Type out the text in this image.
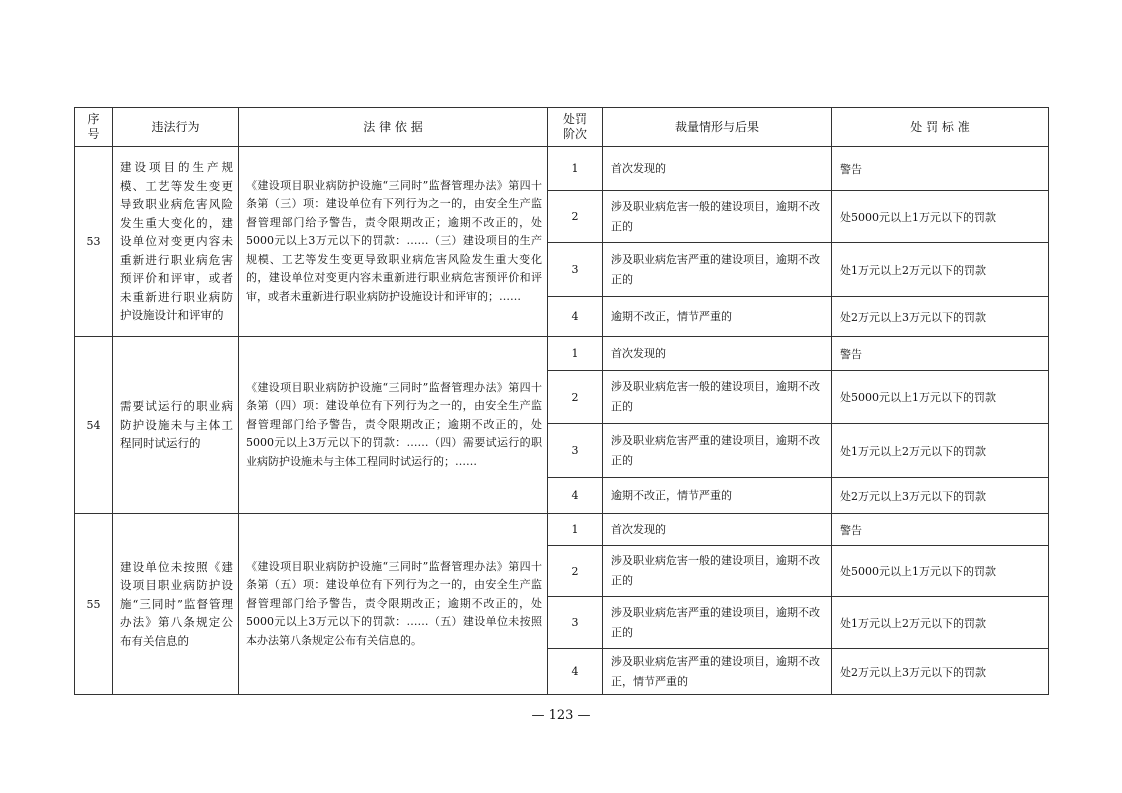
序号	违法行为	法 律 依 据	处罚阶次	裁量情形与后果	处 罚 标 准
53	建设项目的生产规模、工艺等发生变更导致职业病危害风险发生重大变化的，建设单位对变更内容未重新进行职业病危害预评价和评审，或者未重新进行职业病防护设施设计和评审的	《建设项目职业病防护设施“三同时”监督管理办法》第四十条第（三）项：建设单位有下列行为之一的，由安全生产监督管理部门给予警告，责令限期改正；逾期不改正的，处5000元以上3万元以下的罚款：……（三）建设项目的生产规模、工艺等发生变更导致职业病危害风险发生重大变化的，建设单位对变更内容未重新进行职业病危害预评价和评审，或者未重新进行职业病防护设施设计和评审的；……	1	首次发现的	警告
			2	涉及职业病危害一般的建设项目，逾期不改正的	处5000元以上1万元以下的罚款
			3	涉及职业病危害严重的建设项目，逾期不改正的	处1万元以上2万元以下的罚款
			4	逾期不改正，情节严重的	处2万元以上3万元以下的罚款
54	需要试运行的职业病防护设施未与主体工程同时试运行的	《建设项目职业病防护设施“三同时”监督管理办法》第四十条第（四）项：建设单位有下列行为之一的，由安全生产监督管理部门给予警告，责令限期改正；逾期不改正的，处5000元以上3万元以下的罚款：……（四）需要试运行的职业病防护设施未与主体工程同时试运行的；……	1	首次发现的	警告
			2	涉及职业病危害一般的建设项目，逾期不改正的	处5000元以上1万元以下的罚款
			3	涉及职业病危害严重的建设项目，逾期不改正的	处1万元以上2万元以下的罚款
			4	逾期不改正，情节严重的	处2万元以上3万元以下的罚款
55	建设单位未按照《建设项目职业病防护设施“三同时”监督管理办法》第八条规定公布有关信息的	《建设项目职业病防护设施“三同时”监督管理办法》第四十条第（五）项：建设单位有下列行为之一的，由安全生产监督管理部门给予警告，责令限期改正；逾期不改正的，处5000元以上3万元以下的罚款：……（五）建设单位未按照本办法第八条规定公布有关信息的。	1	首次发现的	警告
			2	涉及职业病危害一般的建设项目，逾期不改正的	处5000元以上1万元以下的罚款
			3	涉及职业病危害严重的建设项目，逾期不改正的	处1万元以上2万元以下的罚款
			4	涉及职业病危害严重的建设项目，逾期不改正，情节严重的	处2万元以上3万元以下的罚款
— 123 —
